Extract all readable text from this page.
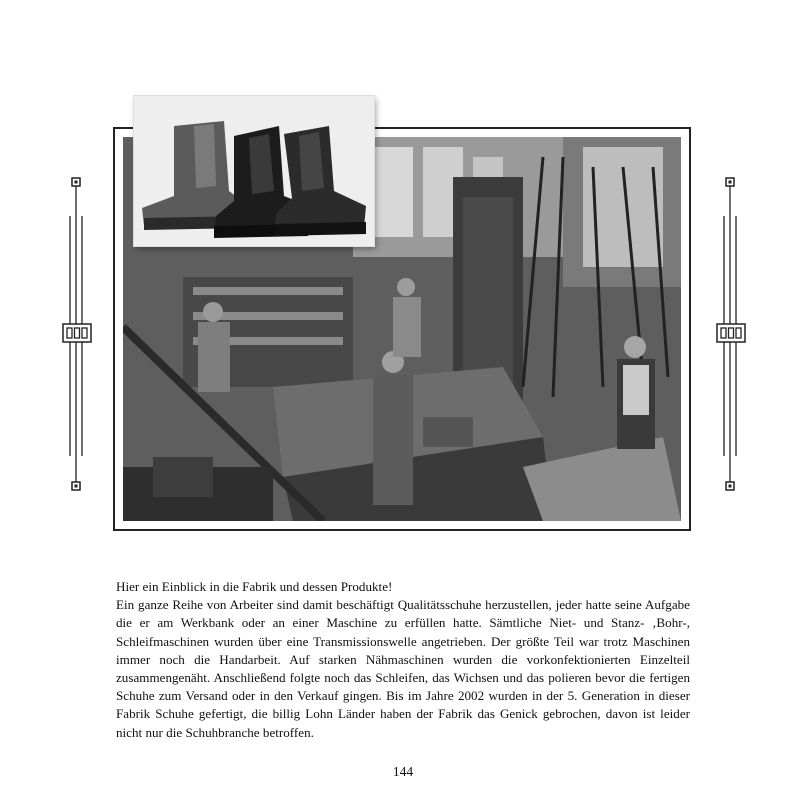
Hier ein Einblick in die Fabrik und dessen Produkte!

Ein ganze Reihe von Arbeiter sind damit beschäftigt Qualitätsschuhe herzustellen, jeder hatte seine Aufgabe die er am Werkbank oder an einer Maschine zu erfüllen hatte. Sämtliche Niet- und Stanz- ‚Bohr-, Schleifmaschinen wurden über eine Transmissionswelle angetrieben. Der größte Teil war trotz Maschinen immer noch die Handarbeit. Auf starken Nähmaschinen wurden die vorkonfektionierten Einzelteil zusammengenäht. Anschließend folgte noch das Schleifen, das Wichsen und das polieren bevor die fertigen Schuhe zum Versand oder in den Verkauf gingen. Bis im Jahre 2002 wurden in der 5. Generation in dieser Fabrik Schuhe gefertigt, die billig Lohn Länder haben der Fabrik das Genick gebrochen, davon ist leider nicht nur die Schuhbranche betroffen.

144
